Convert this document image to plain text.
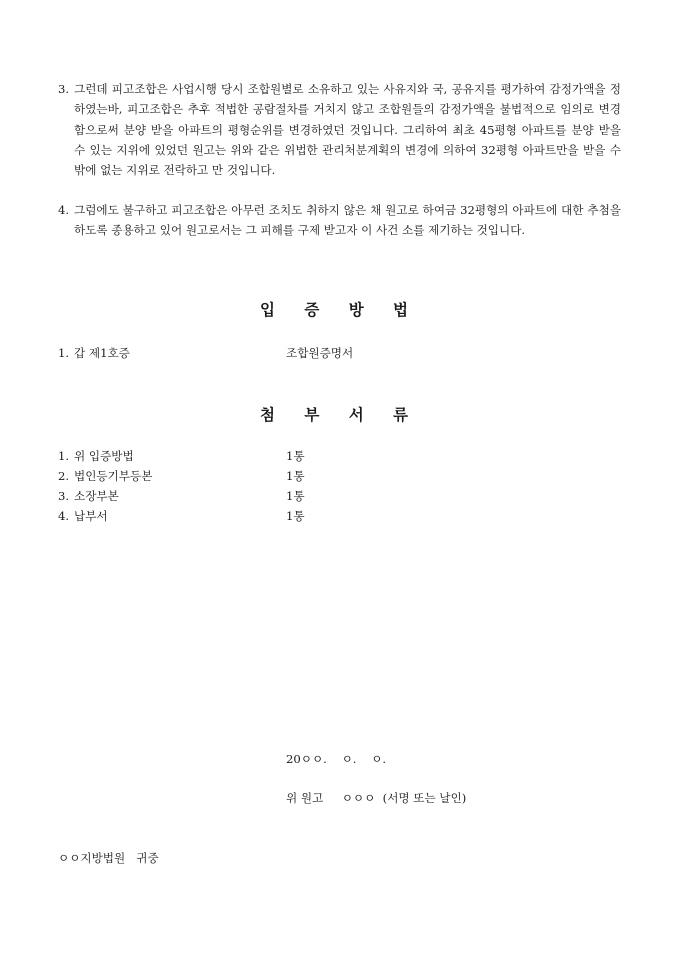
3. 그런데 피고조합은 사업시행 당시 조합원별로 소유하고 있는 사유지와 국, 공유지를 평가하여 감정가액을 정하였는바, 피고조합은 추후 적법한 공람절차를 거치지 않고 조합원들의 감정가액을 불법적으로 임의로 변경함으로써 분양 받을 아파트의 평형순위를 변경하였던 것입니다. 그리하여 최초 45평형 아파트를 분양 받을 수 있는 지위에 있었던 원고는 위와 같은 위법한 관리처분계획의 변경에 의하여 32평형 아파트만을 받을 수밖에 없는 지위로 전락하고 만 것입니다.
4. 그럼에도 불구하고 피고조합은 아무런 조치도 취하지 않은 채 원고로 하여금 32평형의 아파트에 대한 추첨을 하도록 종용하고 있어 원고로서는 그 피해를 구제 받고자 이 사건 소를 제기하는 것입니다.
입 증 방 법
1. 갑 제1호증	조합원증명서
첨 부 서 류
1. 위 입증방법	1통
2. 법인등기부등본	1통
3. 소장부본	1통
4. 납부서	1통
20ㅇㅇ.    ㅇ.    ㅇ.
위 원고     ㅇㅇㅇ  (서명 또는 날인)
ㅇㅇ지방법원   귀중
